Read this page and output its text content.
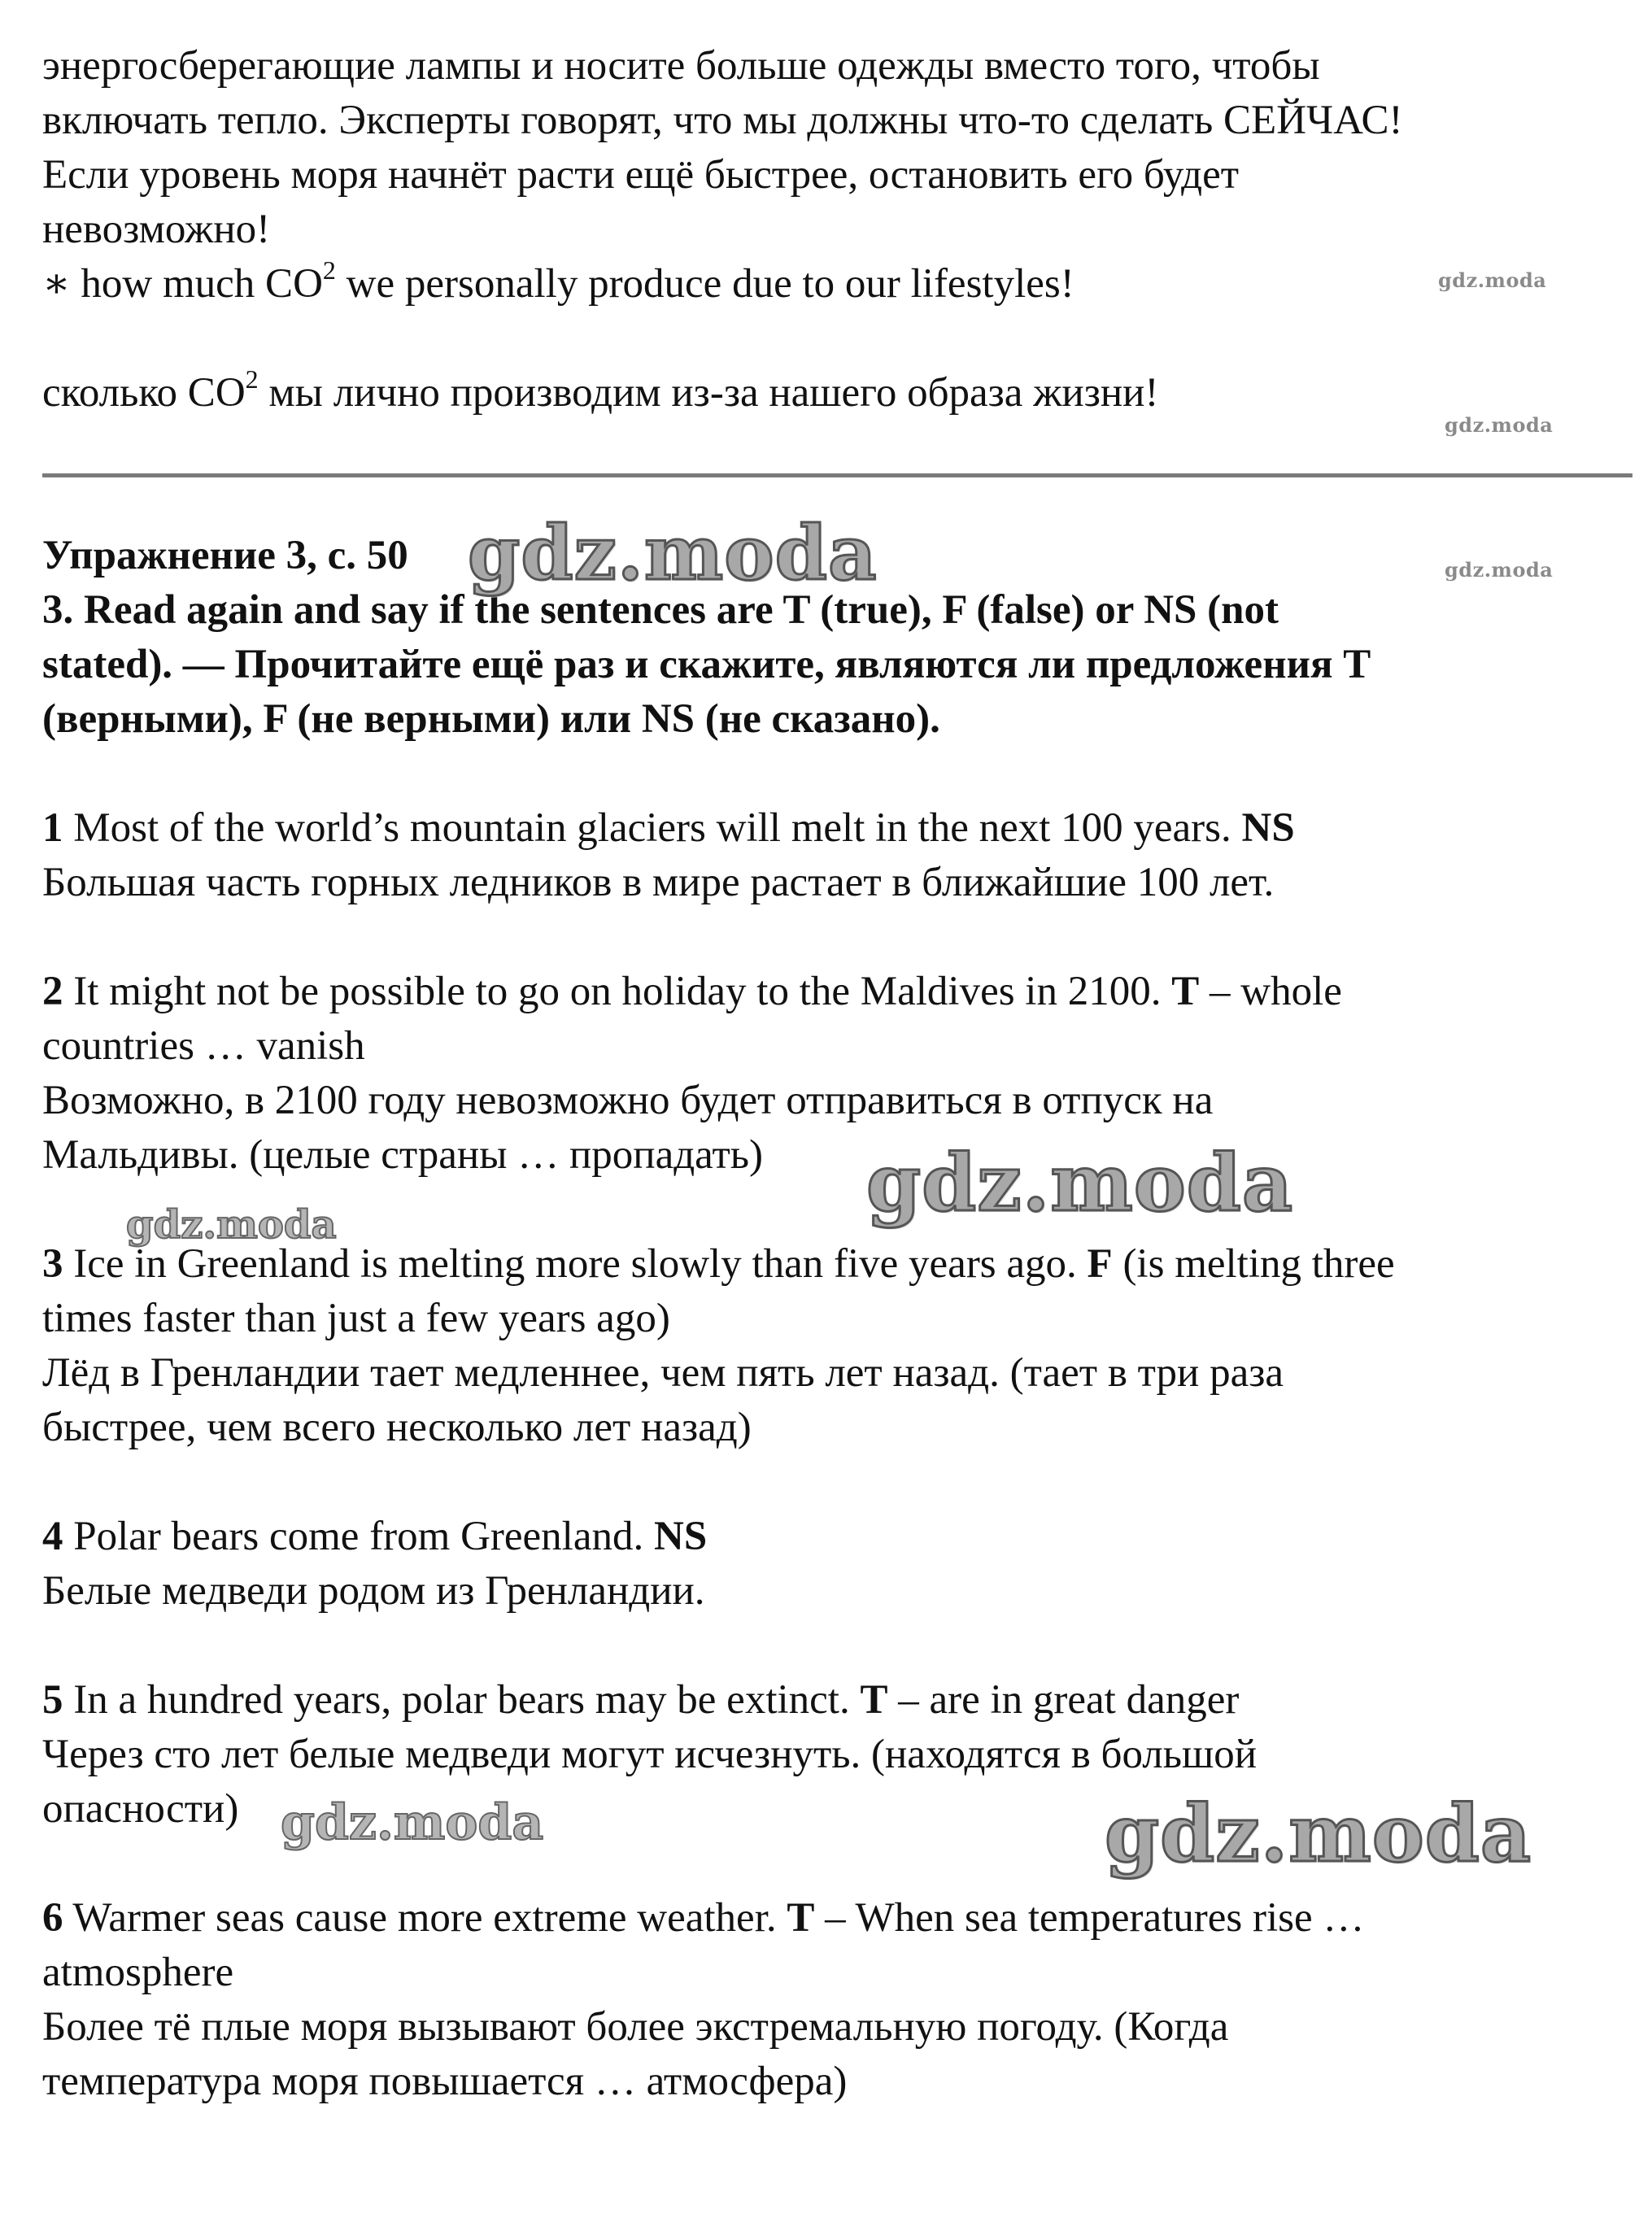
энергосберегающие лампы и носите больше одежды вместо того, чтобы
включать тепло. Эксперты говорят, что мы должны что-то сделать СЕЙЧАС!
Если уровень моря начнёт расти ещё быстрее, остановить его будет
невозможно!
∗ how much $CO^2$ we personally produce due to our lifestyles!
сколько $CO^2$ мы лично производим из-за нашего образа жизни!
Упражнение 3, с. 50
3. Read again and say if the sentences are T (true), F (false) or NS (not
stated). — Прочитайте ещё раз и скажите, являются ли предложения T
(верными), F (не верными) или NS (не сказано).
1 Most of the world’s mountain glaciers will melt in the next 100 years. NS
Большая часть горных ледников в мире растает в ближайшие 100 лет.
2 It might not be possible to go on holiday to the Maldives in 2100. T – whole
countries … vanish
Возможно, в 2100 году невозможно будет отправиться в отпуск на
Мальдивы. (целые страны … пропадать)
3 Ice in Greenland is melting more slowly than five years ago. F (is melting three
times faster than just a few years ago)
Лёд в Гренландии тает медленнее, чем пять лет назад. (тает в три раза
быстрее, чем всего несколько лет назад)
4 Polar bears come from Greenland. NS
Белые медведи родом из Гренландии.
5 In a hundred years, polar bears may be extinct. T – are in great danger
Через сто лет белые медведи могут исчезнуть. (находятся в большой
опасности)
6 Warmer seas cause more extreme weather. T – When sea temperatures rise …
atmosphere
Более тё плые моря вызывают более экстремальную погоду. (Когда
температура моря повышается … атмосфера)
gdz.moda
gdz.moda
gdz.moda
gdz.moda
gdz.moda
gdz.moda
gdz.moda	gdz.moda
